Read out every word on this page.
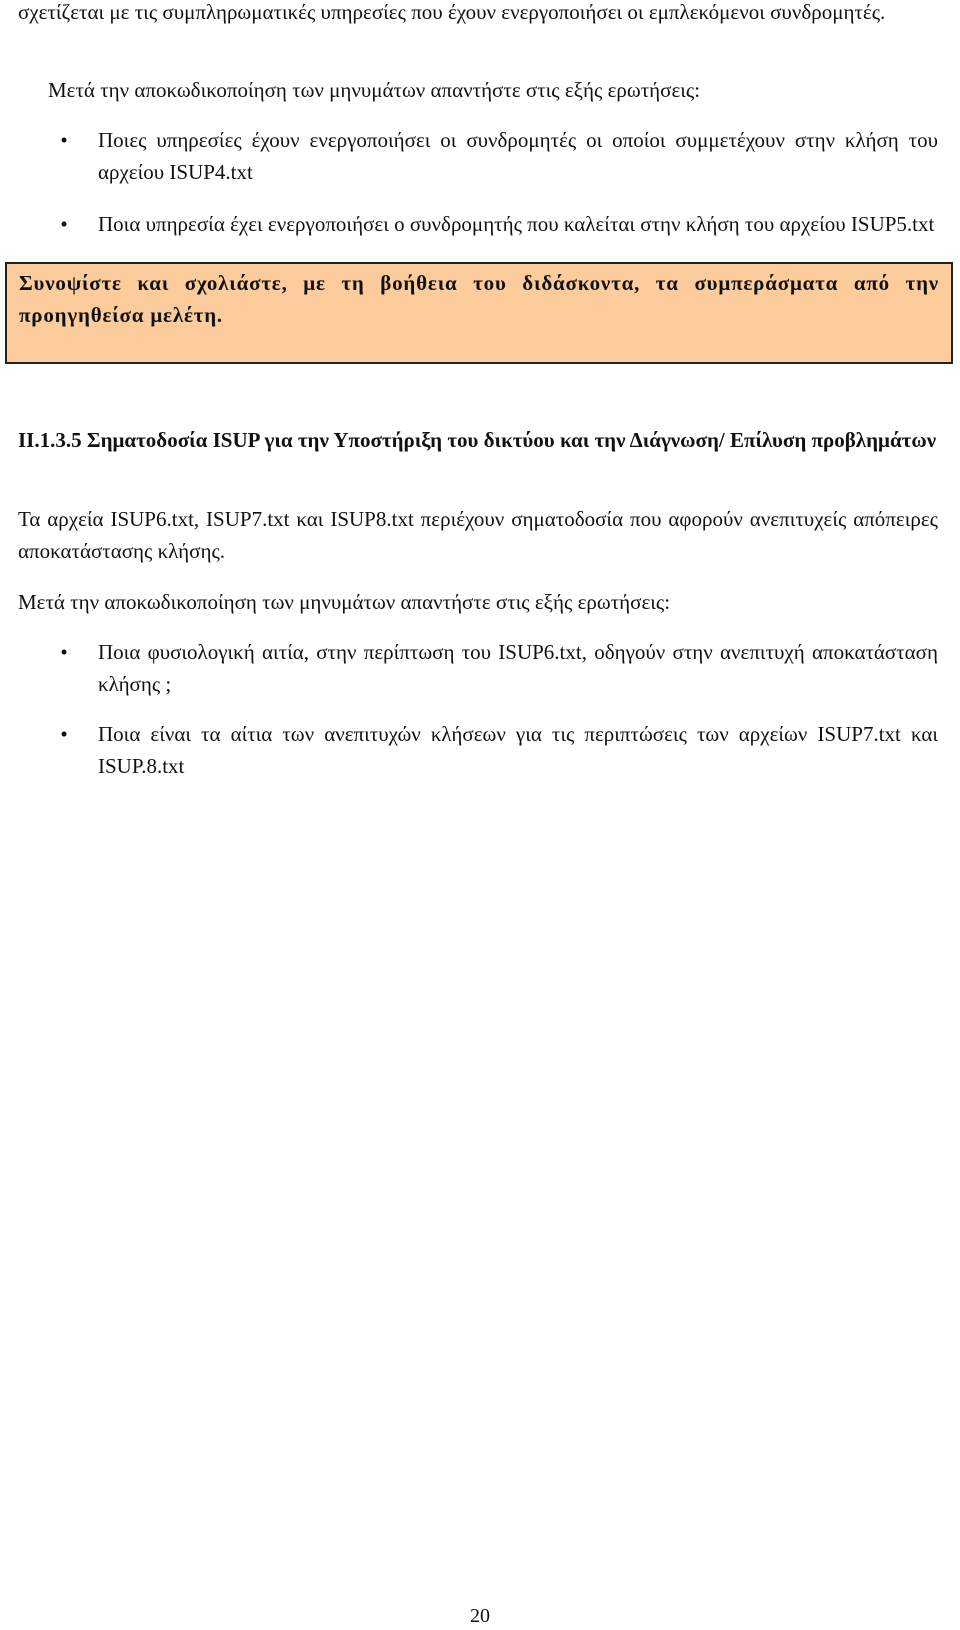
σχετίζεται με τις συμπληρωματικές υπηρεσίες που έχουν ενεργοποιήσει οι εμπλεκόμενοι συνδρομητές.

Μετά την αποκωδικοποίηση των μηνυμάτων απαντήστε στις εξής ερωτήσεις:

• Ποιες υπηρεσίες έχουν ενεργοποιήσει οι συνδρομητές οι οποίοι συμμετέχουν στην κλήση του αρχείου ISUP4.txt
• Ποια υπηρεσία έχει ενεργοποιήσει ο συνδρομητής που καλείται στην κλήση του αρχείου ISUP5.txt
Συνοψίστε και σχολιάστε, με τη βοήθεια του διδάσκοντα, τα συμπεράσματα από την προηγηθείσα μελέτη.

ΙΙ.1.3.5 Σηματοδοσία ISUP για την Υποστήριξη του δικτύου και την Διάγνωση/ Επίλυση προβλημάτων

Τα αρχεία ISUP6.txt, ISUP7.txt και ISUP8.txt περιέχουν σηματοδοσία που αφορούν ανεπιτυχείς απόπειρες αποκατάστασης κλήσης.

Μετά την αποκωδικοποίηση των μηνυμάτων απαντήστε στις εξής ερωτήσεις:

• Ποια φυσιολογική αιτία, στην περίπτωση του ISUP6.txt, οδηγούν στην ανεπιτυχή αποκατάσταση κλήσης ;
• Ποια είναι τα αίτια των ανεπιτυχών κλήσεων για τις περιπτώσεις των αρχείων ISUP7.txt και ISUP.8.txt
20
